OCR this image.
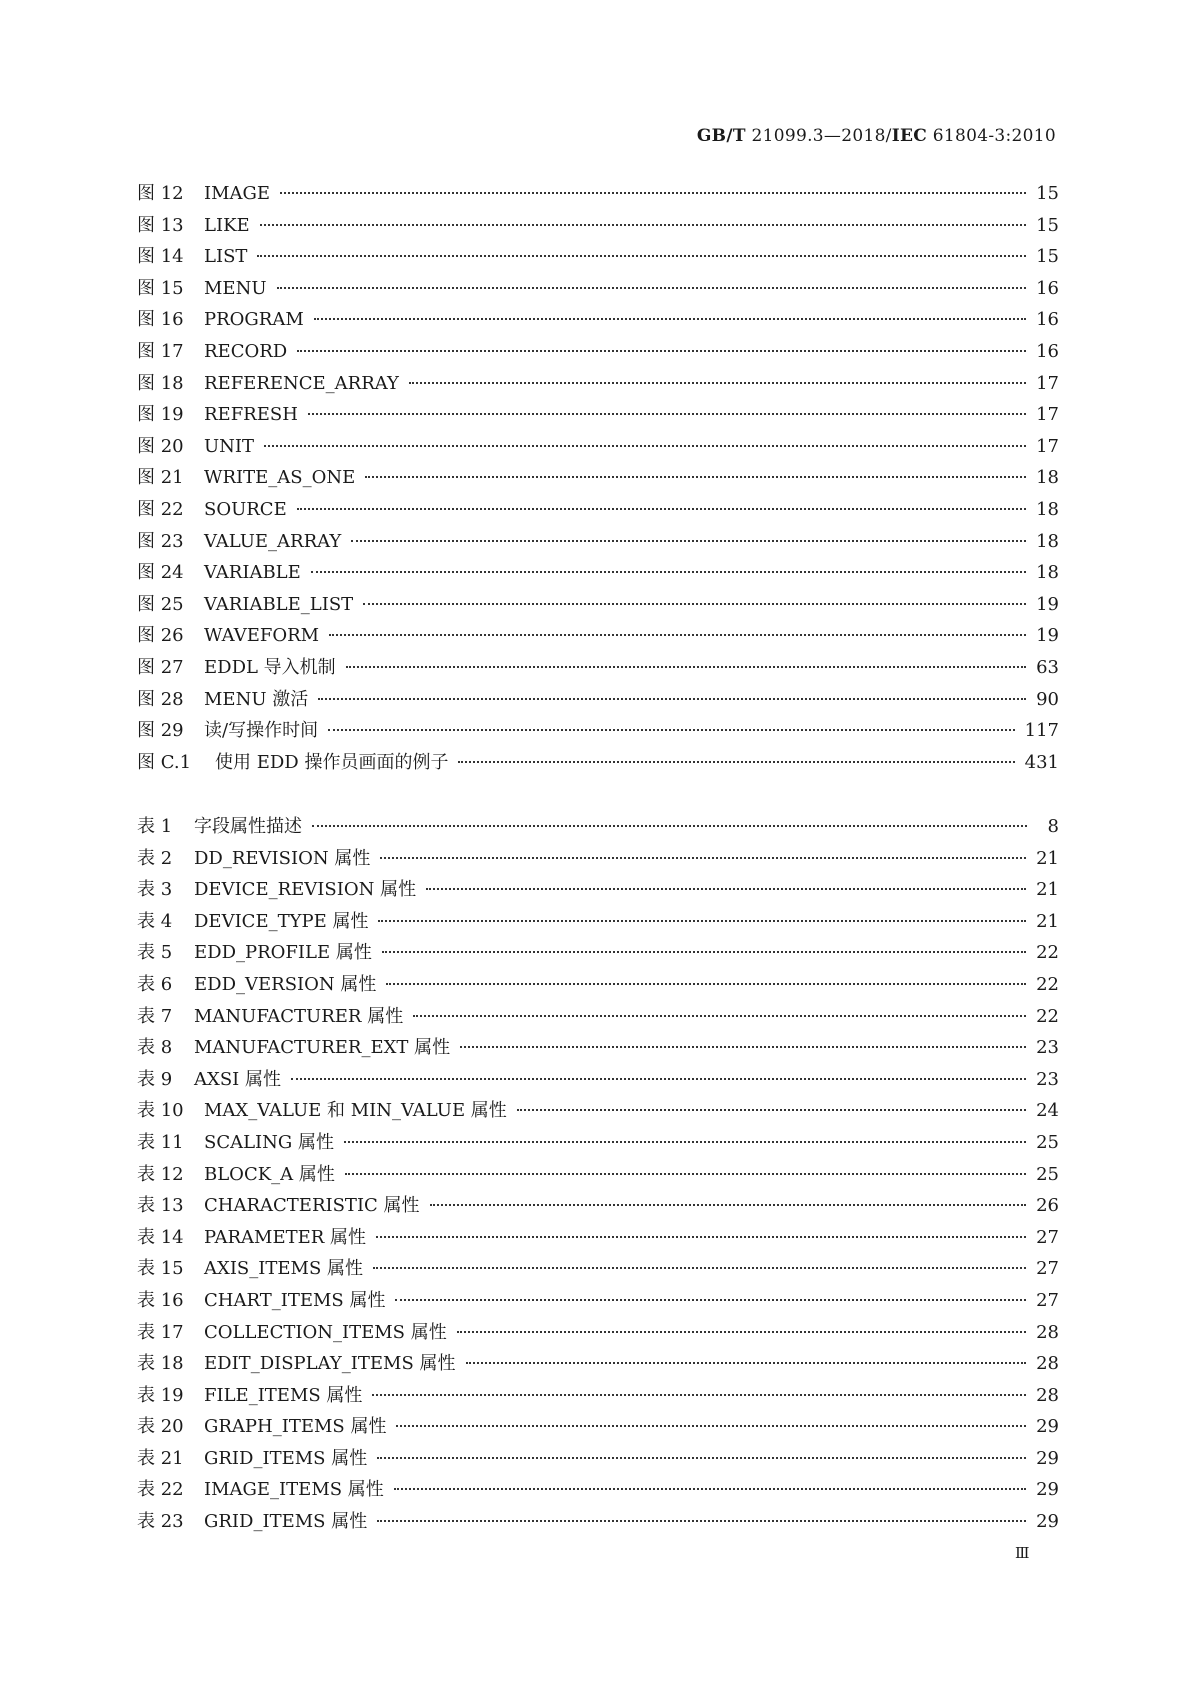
GB/T 21099.3—2018/IEC 61804-3:2010
图 12	IMAGE	15
图 13	LIKE	15
图 14	LIST	15
图 15	MENU	16
图 16	PROGRAM	16
图 17	RECORD	16
图 18	REFERENCE_ARRAY	17
图 19	REFRESH	17
图 20	UNIT	17
图 21	WRITE_AS_ONE	18
图 22	SOURCE	18
图 23	VALUE_ARRAY	18
图 24	VARIABLE	18
图 25	VARIABLE_LIST	19
图 26	WAVEFORM	19
图 27	EDDL 导入机制	63
图 28	MENU 激活	90
图 29	读/写操作时间	117
图 C.1	使用 EDD 操作员画面的例子	431
表 1	字段属性描述	8
表 2	DD_REVISION 属性	21
表 3	DEVICE_REVISION 属性	21
表 4	DEVICE_TYPE 属性	21
表 5	EDD_PROFILE 属性	22
表 6	EDD_VERSION 属性	22
表 7	MANUFACTURER 属性	22
表 8	MANUFACTURER_EXT 属性	23
表 9	AXSI 属性	23
表 10	MAX_VALUE 和 MIN_VALUE 属性	24
表 11	SCALING 属性	25
表 12	BLOCK_A 属性	25
表 13	CHARACTERISTIC 属性	26
表 14	PARAMETER 属性	27
表 15	AXIS_ITEMS 属性	27
表 16	CHART_ITEMS 属性	27
表 17	COLLECTION_ITEMS 属性	28
表 18	EDIT_DISPLAY_ITEMS 属性	28
表 19	FILE_ITEMS 属性	28
表 20	GRAPH_ITEMS 属性	29
表 21	GRID_ITEMS 属性	29
表 22	IMAGE_ITEMS 属性	29
表 23	GRID_ITEMS 属性	29
Ⅲ
